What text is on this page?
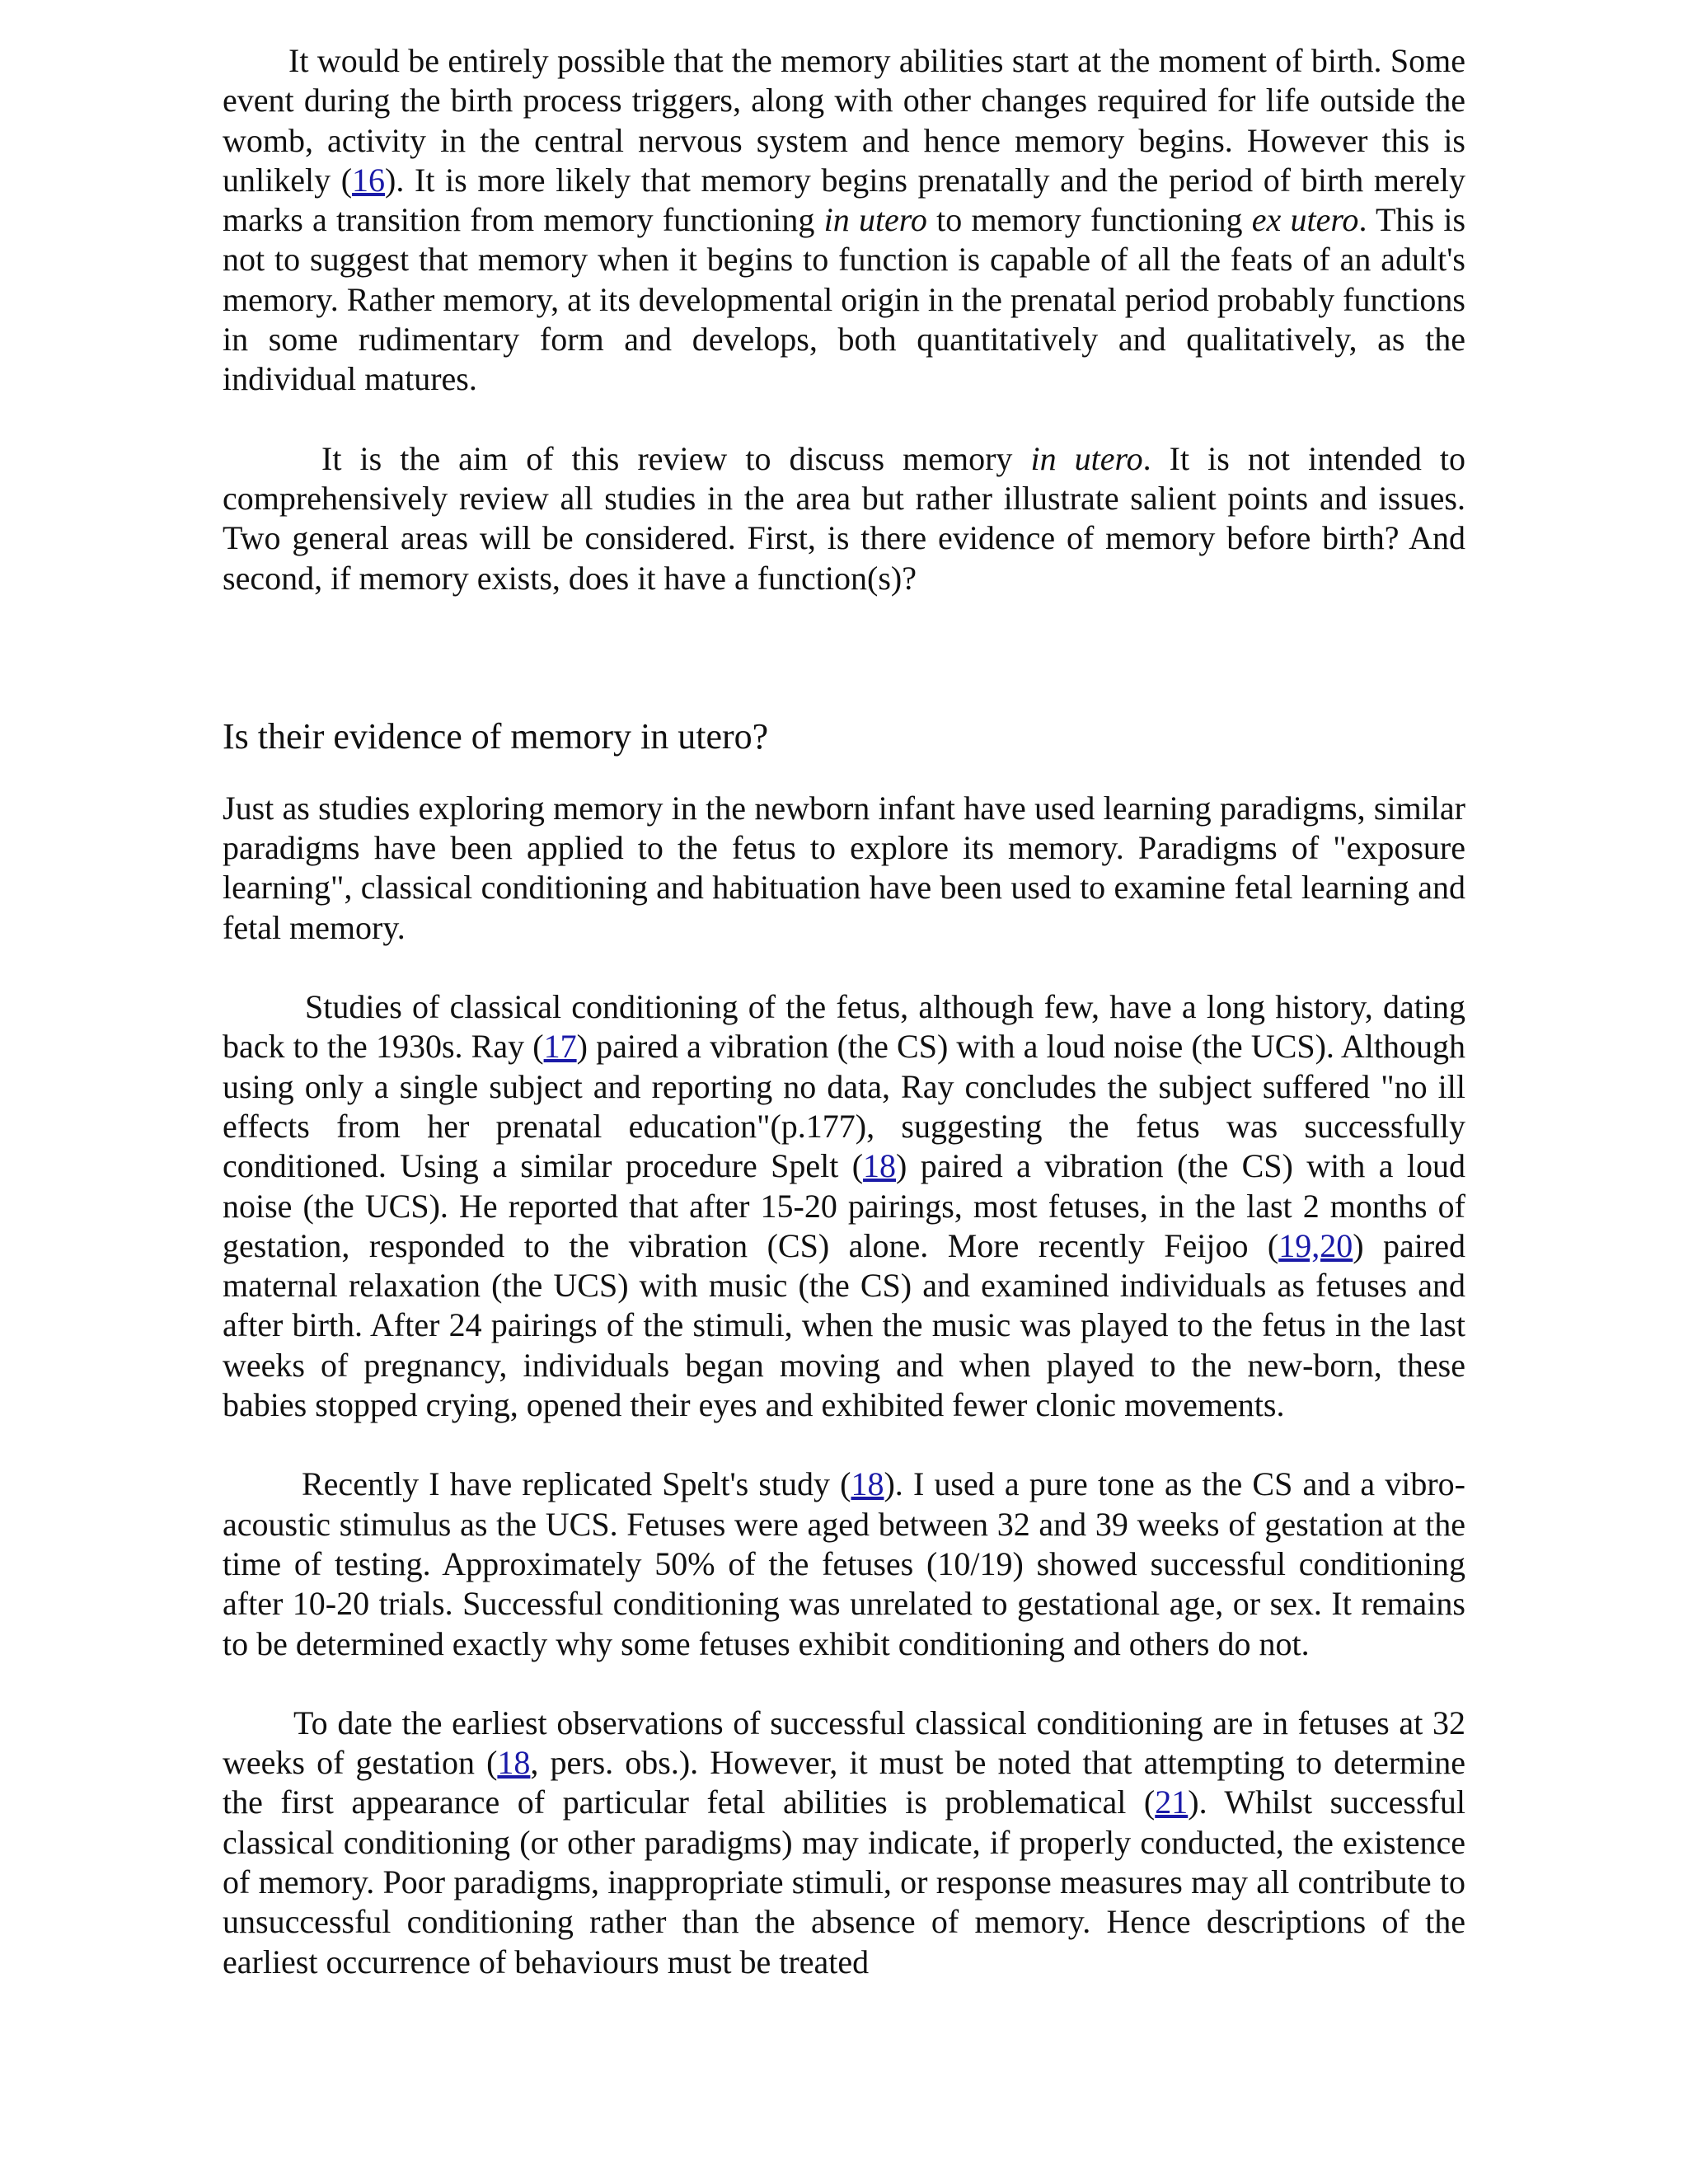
It would be entirely possible that the memory abilities start at the moment of birth. Some event during the birth process triggers, along with other changes required for life outside the womb, activity in the central nervous system and hence memory begins. However this is unlikely (16). It is more likely that memory begins prenatally and the period of birth merely marks a transition from memory functioning in utero to memory functioning ex utero. This is not to suggest that memory when it begins to function is capable of all the feats of an adult's memory. Rather memory, at its developmental origin in the prenatal period probably functions in some rudimentary form and develops, both quantitatively and qualitatively, as the individual matures.

It is the aim of this review to discuss memory in utero. It is not intended to comprehensively review all studies in the area but rather illustrate salient points and issues. Two general areas will be considered. First, is there evidence of memory before birth? And second, if memory exists, does it have a function(s)?

Is their evidence of memory in utero?

Just as studies exploring memory in the newborn infant have used learning paradigms, similar paradigms have been applied to the fetus to explore its memory. Paradigms of "exposure learning", classical conditioning and habituation have been used to examine fetal learning and fetal memory.

Studies of classical conditioning of the fetus, although few, have a long history, dating back to the 1930s. Ray (17) paired a vibration (the CS) with a loud noise (the UCS). Although using only a single subject and reporting no data, Ray concludes the subject suffered "no ill effects from her prenatal education"(p.177), suggesting the fetus was successfully conditioned. Using a similar procedure Spelt (18) paired a vibration (the CS) with a loud noise (the UCS). He reported that after 15-20 pairings, most fetuses, in the last 2 months of gestation, responded to the vibration (CS) alone. More recently Feijoo (19,20) paired maternal relaxation (the UCS) with music (the CS) and examined individuals as fetuses and after birth. After 24 pairings of the stimuli, when the music was played to the fetus in the last weeks of pregnancy, individuals began moving and when played to the new-born, these babies stopped crying, opened their eyes and exhibited fewer clonic movements.

Recently I have replicated Spelt's study (18). I used a pure tone as the CS and a vibro-acoustic stimulus as the UCS. Fetuses were aged between 32 and 39 weeks of gestation at the time of testing. Approximately 50% of the fetuses (10/19) showed successful conditioning after 10-20 trials. Successful conditioning was unrelated to gestational age, or sex. It remains to be determined exactly why some fetuses exhibit conditioning and others do not.

To date the earliest observations of successful classical conditioning are in fetuses at 32 weeks of gestation (18, pers. obs.). However, it must be noted that attempting to determine the first appearance of particular fetal abilities is problematical (21). Whilst successful classical conditioning (or other paradigms) may indicate, if properly conducted, the existence of memory. Poor paradigms, inappropriate stimuli, or response measures may all contribute to unsuccessful conditioning rather than the absence of memory. Hence descriptions of the earliest occurrence of behaviours must be treated
